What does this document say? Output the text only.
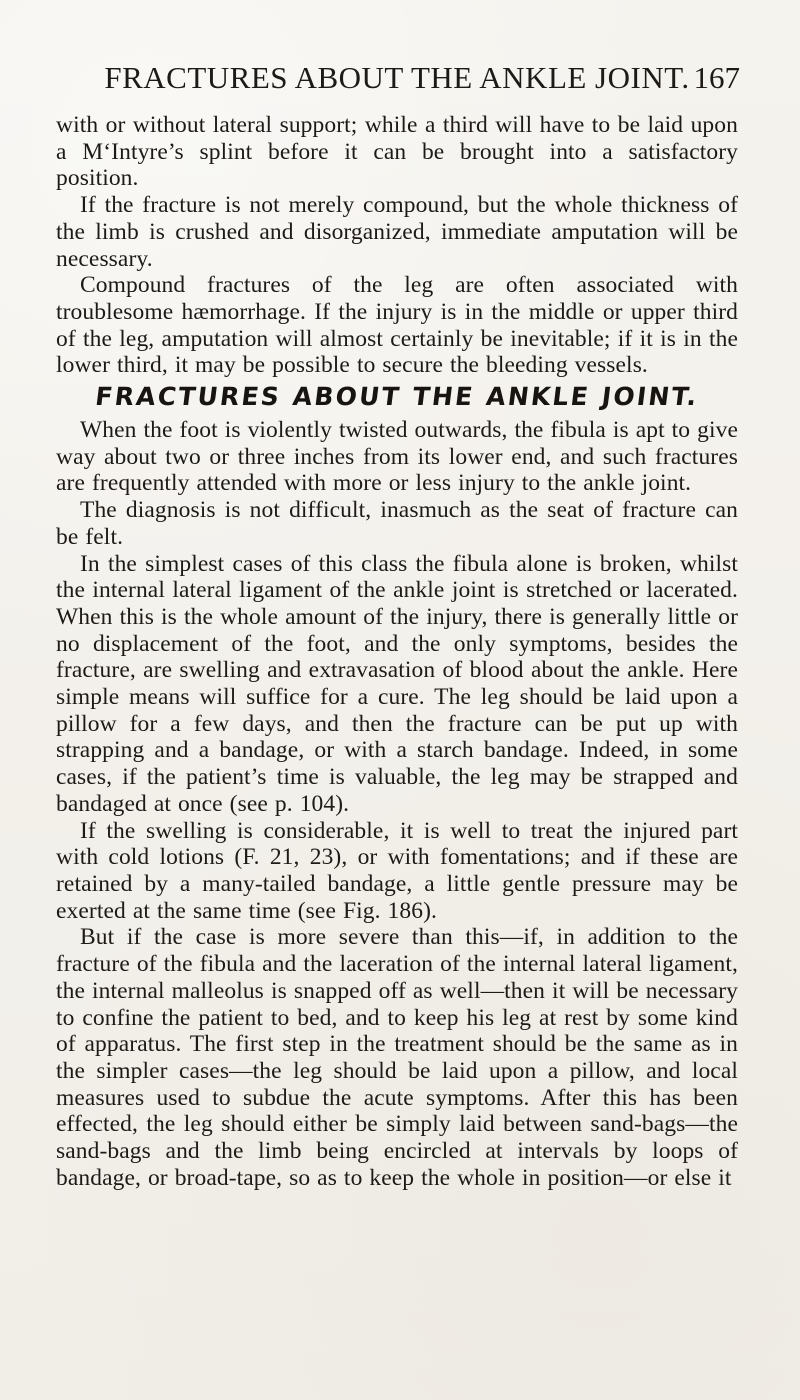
FRACTURES ABOUT THE ANKLE JOINT. 167

with or without lateral support; while a third will have to be laid upon a M‘Intyre’s splint before it can be brought into a satisfactory position.

If the fracture is not merely compound, but the whole thickness of the limb is crushed and disorganized, immediate amputation will be necessary.

Compound fractures of the leg are often associated with troublesome hæmorrhage. If the injury is in the middle or upper third of the leg, amputation will almost certainly be inevitable; if it is in the lower third, it may be possible to secure the bleeding vessels.

FRACTURES ABOUT THE ANKLE JOINT.

When the foot is violently twisted outwards, the fibula is apt to give way about two or three inches from its lower end, and such fractures are frequently attended with more or less injury to the ankle joint.

The diagnosis is not difficult, inasmuch as the seat of fracture can be felt.

In the simplest cases of this class the fibula alone is broken, whilst the internal lateral ligament of the ankle joint is stretched or lacerated. When this is the whole amount of the injury, there is generally little or no displacement of the foot, and the only symptoms, besides the fracture, are swelling and extravasation of blood about the ankle. Here simple means will suffice for a cure. The leg should be laid upon a pillow for a few days, and then the fracture can be put up with strapping and a bandage, or with a starch bandage. Indeed, in some cases, if the patient’s time is valuable, the leg may be strapped and bandaged at once (see p. 104).

If the swelling is considerable, it is well to treat the injured part with cold lotions (F. 21, 23), or with fomentations; and if these are retained by a many-tailed bandage, a little gentle pressure may be exerted at the same time (see Fig. 186).

But if the case is more severe than this—if, in addition to the fracture of the fibula and the laceration of the internal lateral ligament, the internal malleolus is snapped off as well—then it will be necessary to confine the patient to bed, and to keep his leg at rest by some kind of apparatus. The first step in the treatment should be the same as in the simpler cases—the leg should be laid upon a pillow, and local measures used to subdue the acute symptoms. After this has been effected, the leg should either be simply laid between sand-bags—the sand-bags and the limb being encircled at intervals by loops of bandage, or broad-tape, so as to keep the whole in position—or else it
